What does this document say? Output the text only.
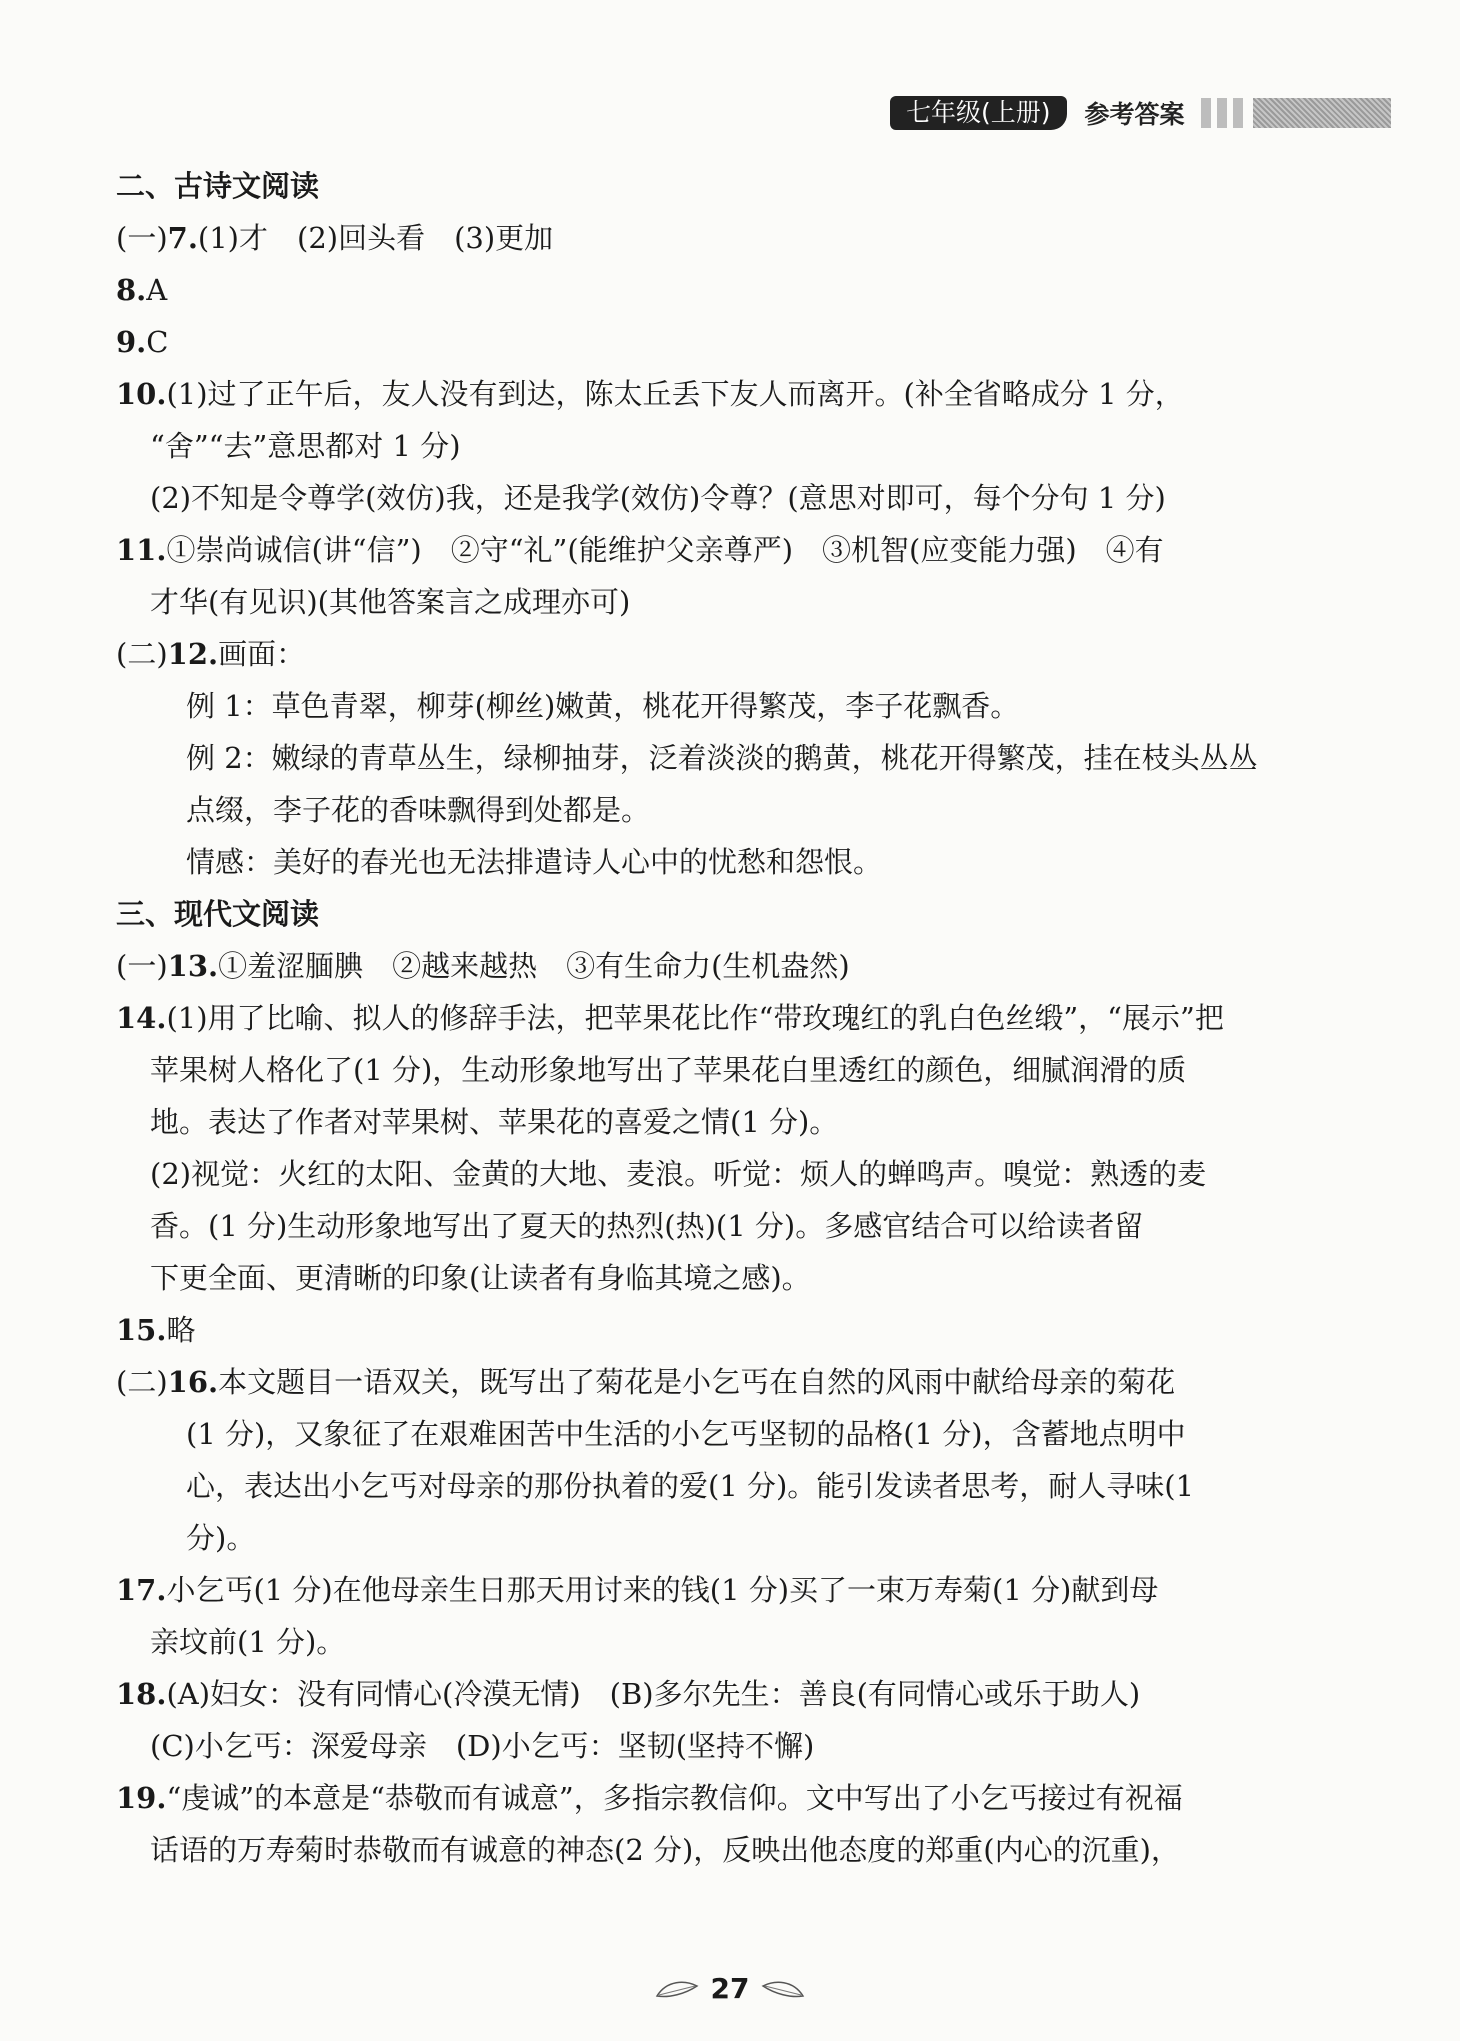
七年级(上册)	参考答案
二、古诗文阅读
(一)7.(1)才　(2)回头看　(3)更加
8.A
9.C
10.(1)过了正午后，友人没有到达，陈太丘丢下友人而离开。(补全省略成分 1 分，
“舍”“去”意思都对 1 分)
(2)不知是令尊学(效仿)我，还是我学(效仿)令尊？(意思对即可，每个分句 1 分)
11.①崇尚诚信(讲“信”)　②守“礼”(能维护父亲尊严)　③机智(应变能力强)　④有
才华(有见识)(其他答案言之成理亦可)
(二)12.画面：
例 1：草色青翠，柳芽(柳丝)嫩黄，桃花开得繁茂，李子花飘香。
例 2：嫩绿的青草丛生，绿柳抽芽，泛着淡淡的鹅黄，桃花开得繁茂，挂在枝头丛丛
点缀，李子花的香味飘得到处都是。
情感：美好的春光也无法排遣诗人心中的忧愁和怨恨。
三、现代文阅读
(一)13.①羞涩腼腆　②越来越热　③有生命力(生机盎然)
14.(1)用了比喻、拟人的修辞手法，把苹果花比作“带玫瑰红的乳白色丝缎”，“展示”把
苹果树人格化了(1 分)，生动形象地写出了苹果花白里透红的颜色，细腻润滑的质
地。表达了作者对苹果树、苹果花的喜爱之情(1 分)。
(2)视觉：火红的太阳、金黄的大地、麦浪。听觉：烦人的蝉鸣声。嗅觉：熟透的麦
香。(1 分)生动形象地写出了夏天的热烈(热)(1 分)。多感官结合可以给读者留
下更全面、更清晰的印象(让读者有身临其境之感)。
15.略
(二)16.本文题目一语双关，既写出了菊花是小乞丐在自然的风雨中献给母亲的菊花
(1 分)，又象征了在艰难困苦中生活的小乞丐坚韧的品格(1 分)，含蓄地点明中
心，表达出小乞丐对母亲的那份执着的爱(1 分)。能引发读者思考，耐人寻味(1
分)。
17.小乞丐(1 分)在他母亲生日那天用讨来的钱(1 分)买了一束万寿菊(1 分)献到母
亲坟前(1 分)。
18.(A)妇女：没有同情心(冷漠无情)　(B)多尔先生：善良(有同情心或乐于助人)
(C)小乞丐：深爱母亲　(D)小乞丐：坚韧(坚持不懈)
19.“虔诚”的本意是“恭敬而有诚意”，多指宗教信仰。文中写出了小乞丐接过有祝福
话语的万寿菊时恭敬而有诚意的神态(2 分)，反映出他态度的郑重(内心的沉重)，
27
